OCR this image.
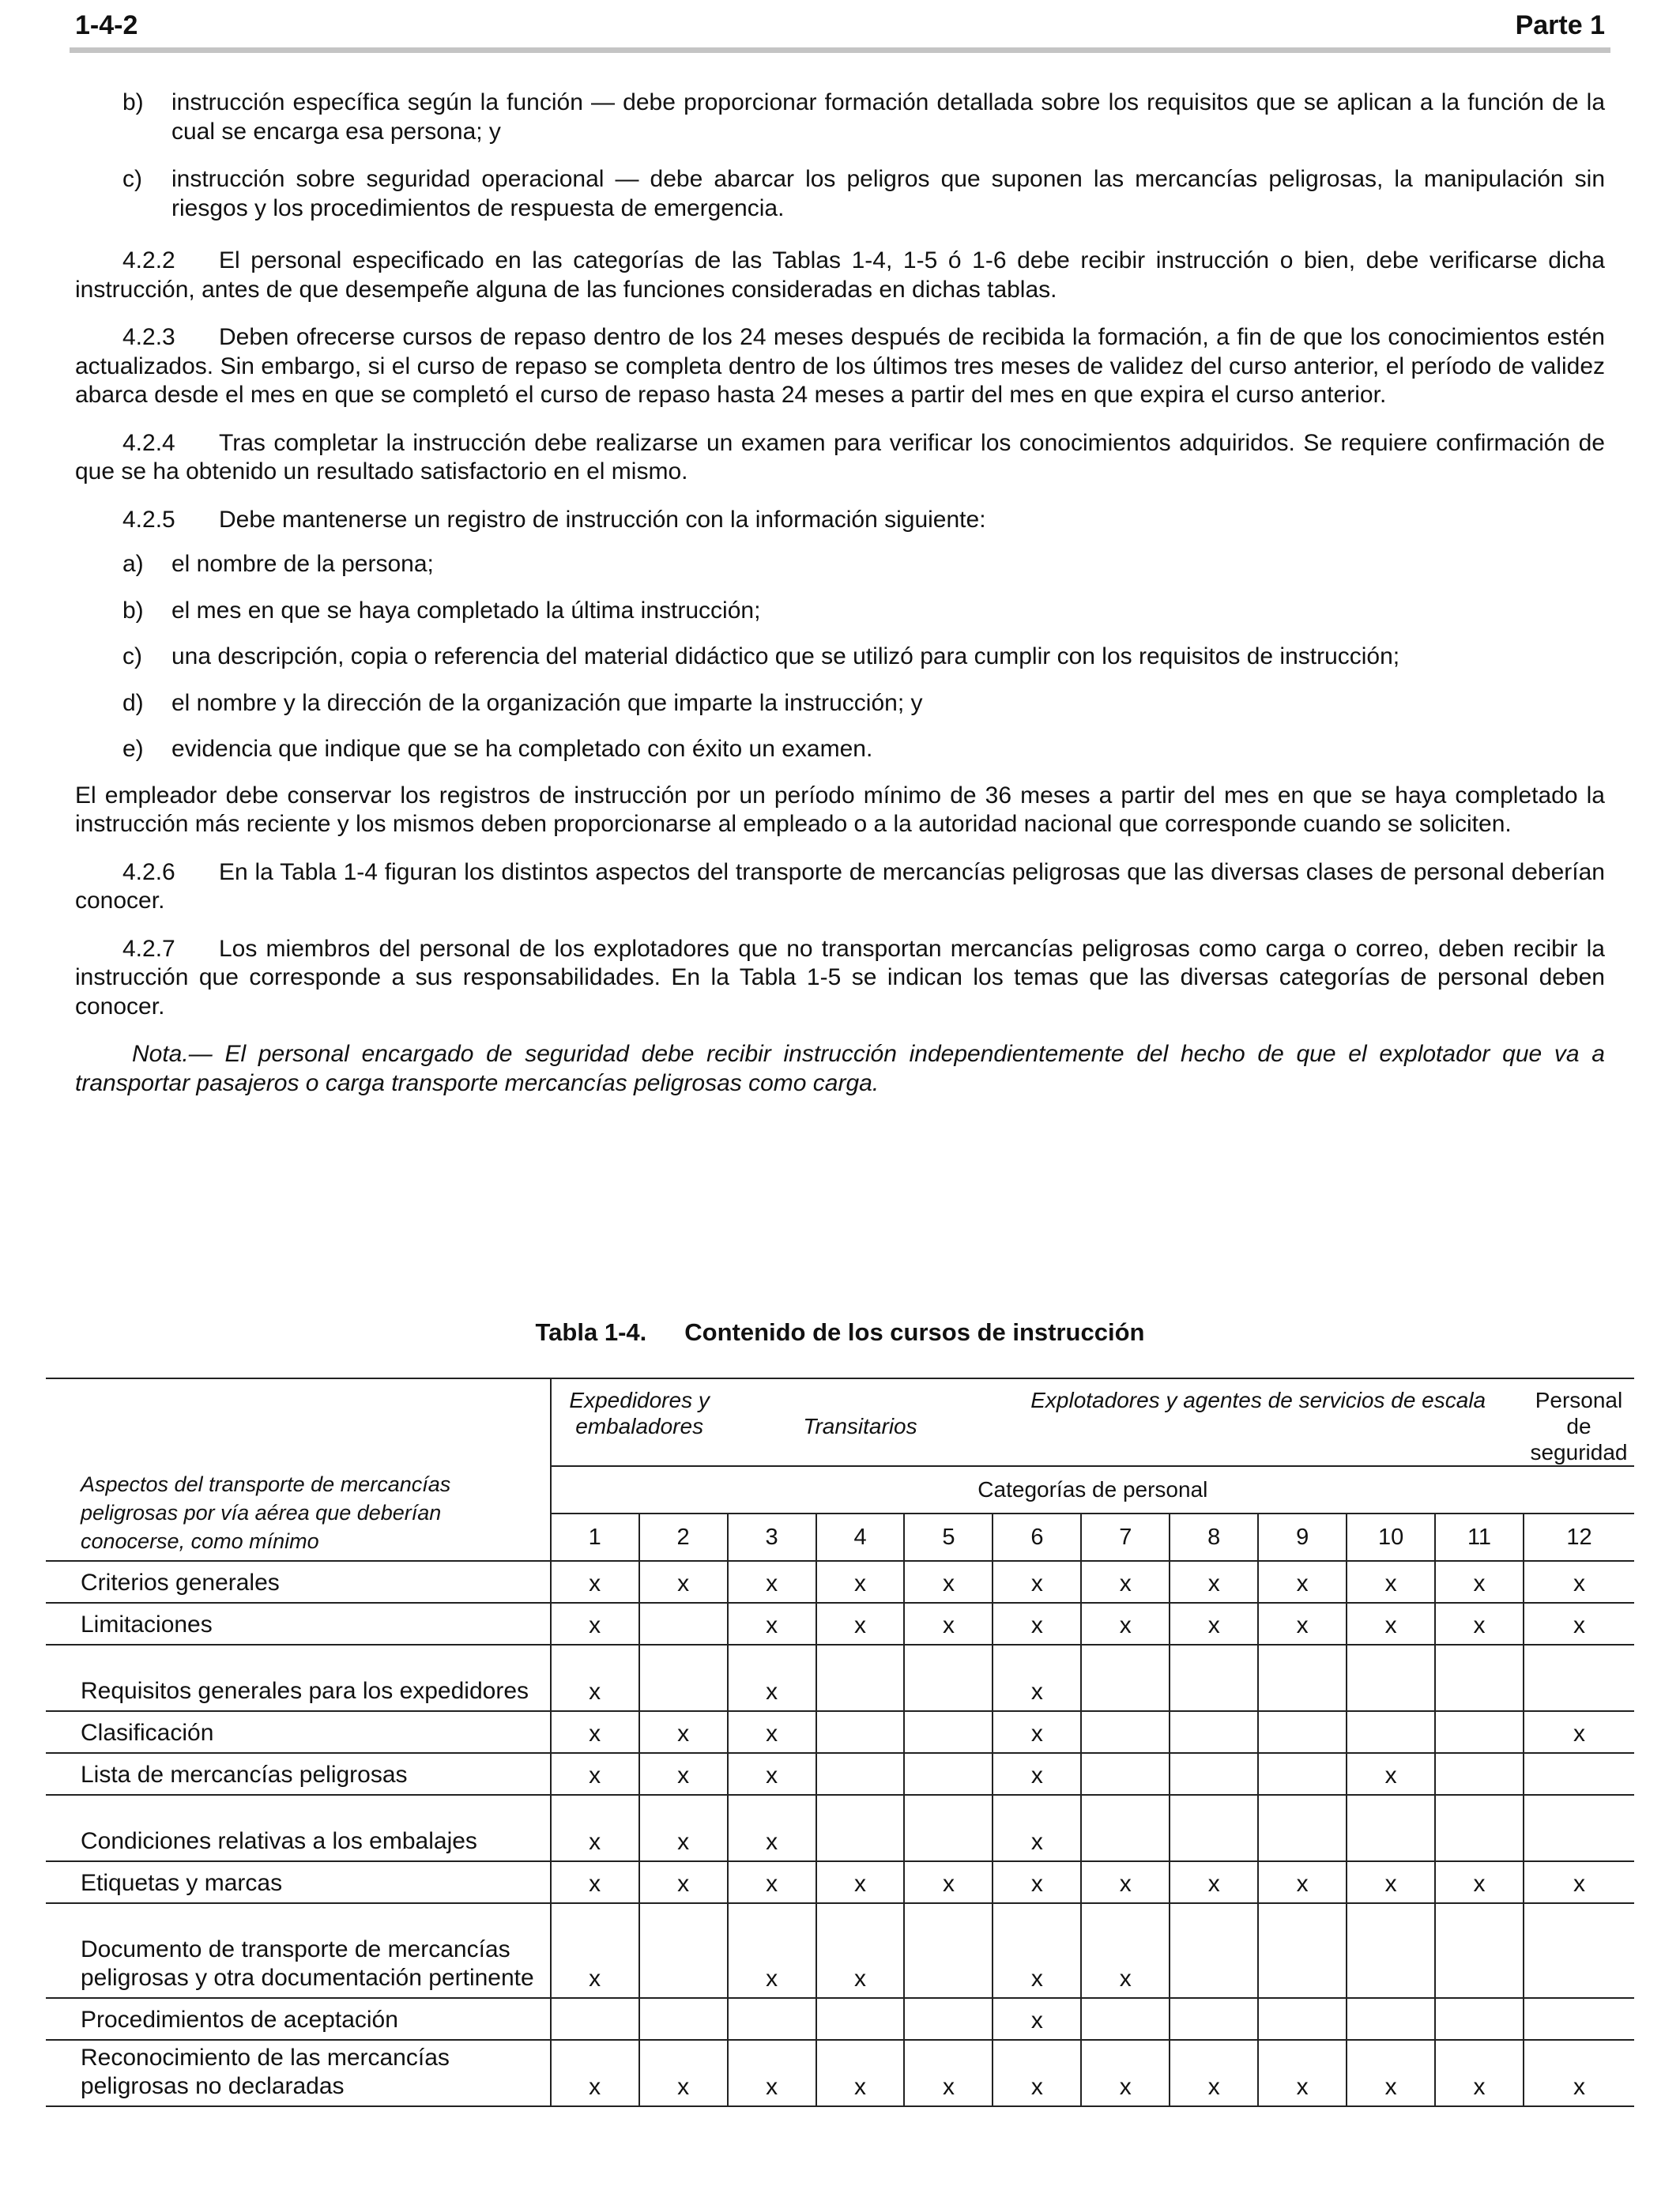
1-4-2	Parte 1
b)	instrucción específica según la función — debe proporcionar formación detallada sobre los requisitos que se aplican a la función de la cual se encarga esa persona; y
c)	instrucción sobre seguridad operacional — debe abarcar los peligros que suponen las mercancías peligrosas, la manipulación sin riesgos y los procedimientos de respuesta de emergencia.
4.2.2 El personal especificado en las categorías de las Tablas 1-4, 1-5 ó 1-6 debe recibir instrucción o bien, debe verificarse dicha instrucción, antes de que desempeñe alguna de las funciones consideradas en dichas tablas.
4.2.3 Deben ofrecerse cursos de repaso dentro de los 24 meses después de recibida la formación, a fin de que los conocimientos estén actualizados. Sin embargo, si el curso de repaso se completa dentro de los últimos tres meses de validez del curso anterior, el período de validez abarca desde el mes en que se completó el curso de repaso hasta 24 meses a partir del mes en que expira el curso anterior.
4.2.4 Tras completar la instrucción debe realizarse un examen para verificar los conocimientos adquiridos. Se requiere confirmación de que se ha obtenido un resultado satisfactorio en el mismo.
4.2.5 Debe mantenerse un registro de instrucción con la información siguiente:
a)	el nombre de la persona;
b)	el mes en que se haya completado la última instrucción;
c)	una descripción, copia o referencia del material didáctico que se utilizó para cumplir con los requisitos de instrucción;
d)	el nombre y la dirección de la organización que imparte la instrucción; y
e)	evidencia que indique que se ha completado con éxito un examen.
El empleador debe conservar los registros de instrucción por un período mínimo de 36 meses a partir del mes en que se haya completado la instrucción más reciente y los mismos deben proporcionarse al empleado o a la autoridad nacional que corresponde cuando se soliciten.
4.2.6 En la Tabla 1-4 figuran los distintos aspectos del transporte de mercancías peligrosas que las diversas clases de personal deberían conocer.
4.2.7 Los miembros del personal de los explotadores que no transportan mercancías peligrosas como carga o correo, deben recibir la instrucción que corresponde a sus responsabilidades. En la Tabla 1-5 se indican los temas que las diversas categorías de personal deben conocer.
Nota.— El personal encargado de seguridad debe recibir instrucción independientemente del hecho de que el explotador que va a transportar pasajeros o carga transporte mercancías peligrosas como carga.
Tabla 1-4. Contenido de los cursos de instrucción
Aspectos del transporte de mercancías peligrosas por vía aérea que deberían conocerse, como mínimo	Expedidores y embaladores		Transitarios			Explotadores y agentes de servicios de escala						Personal de seguridad
	Categorías de personal											
	1	2	3	4	5	6	7	8	9	10	11	12
Criterios generales	x	x	x	x	x	x	x	x	x	x	x	x
Limitaciones	x		x	x	x	x	x	x	x	x	x	x
Requisitos generales para los expedidores	x		x			x						
Clasificación	x	x	x			x						x
Lista de mercancías peligrosas	x	x	x			x				x		
Condiciones relativas a los embalajes	x	x	x			x						
Etiquetas y marcas	x	x	x	x	x	x	x	x	x	x	x	x
Documento de transporte de mercancías peligrosas y otra documentación pertinente	x		x	x		x	x					
Procedimientos de aceptación						x						
Reconocimiento de las mercancías peligrosas no declaradas	x	x	x	x	x	x	x	x	x	x	x	x
